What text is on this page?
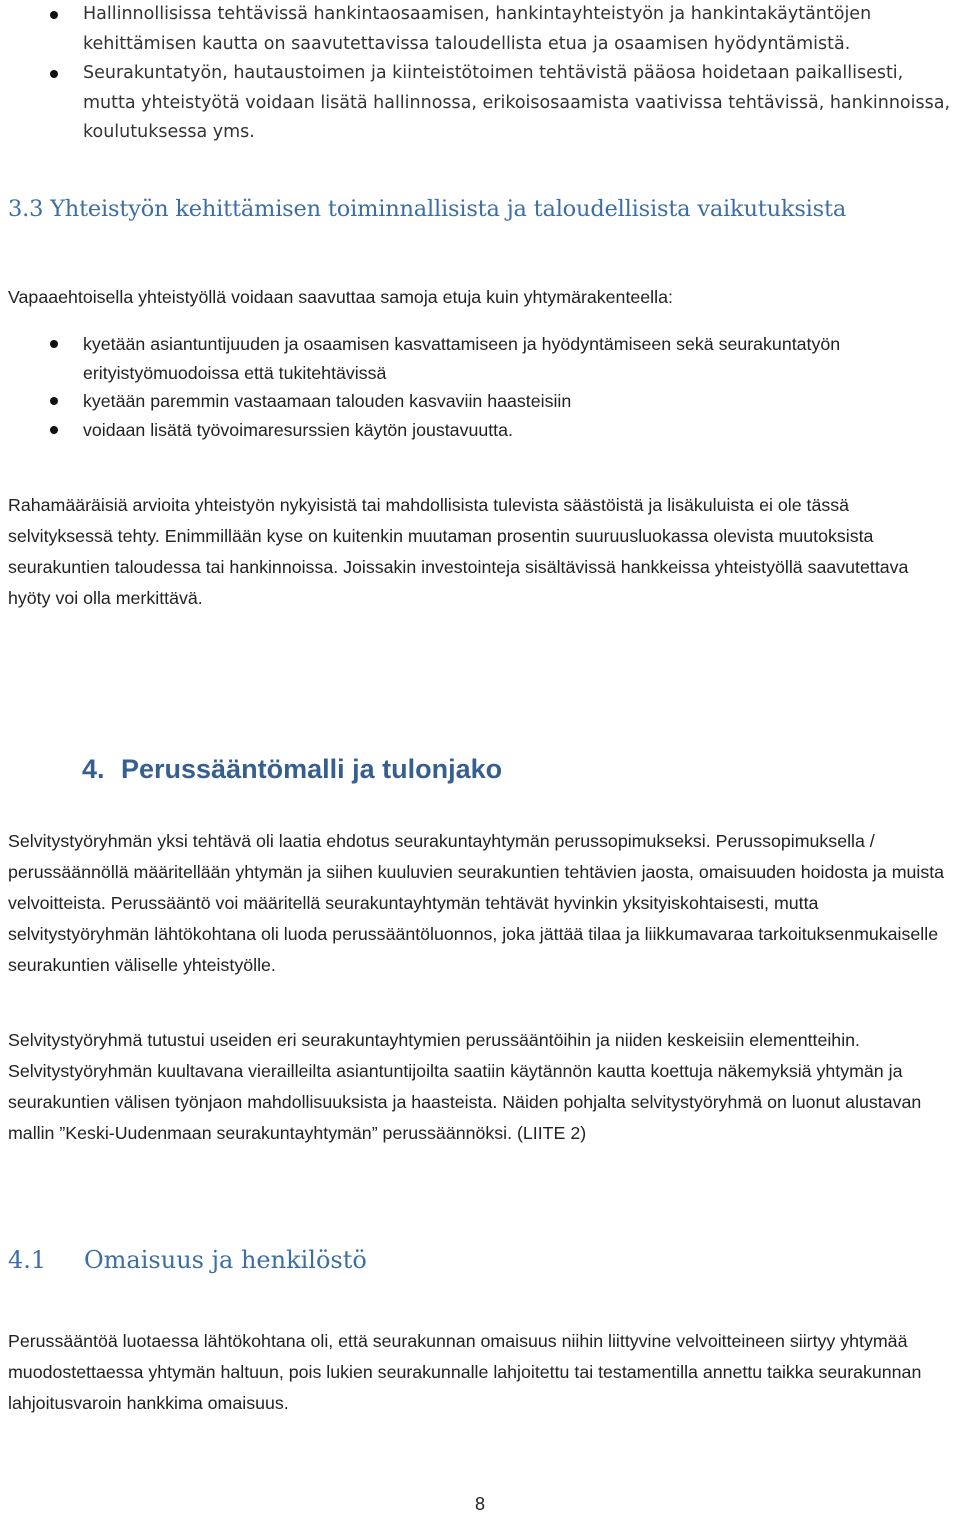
Hallinnollisissa tehtävissä hankintaosaamisen, hankintayhteistyön ja hankintakäytäntöjen kehittämisen kautta on saavutettavissa taloudellista etua ja osaamisen hyödyntämistä.
Seurakuntatyön, hautaustoimen ja kiinteistötoimen tehtävistä pääosa hoidetaan paikallisesti, mutta yhteistyötä voidaan lisätä hallinnossa, erikoisosaamista vaativissa tehtävissä, hankinnoissa, koulutuksessa yms.
3.3 Yhteistyön kehittämisen toiminnallisista ja taloudellisista vaikutuksista

Vapaaehtoisella yhteistyöllä voidaan saavuttaa samoja etuja kuin yhtymärakenteella:

kyetään asiantuntijuuden ja osaamisen kasvattamiseen ja hyödyntämiseen sekä seurakuntatyön erityistyömuodoissa että tukitehtävissä
kyetään paremmin vastaamaan talouden kasvaviin haasteisiin
voidaan lisätä työvoimaresurssien käytön joustavuutta.

Rahamääräisiä arvioita yhteistyön nykyisistä tai mahdollisista tulevista säästöistä ja lisäkuluista ei ole tässä selvityksessä tehty. Enimmillään kyse on kuitenkin muutaman prosentin suuruusluokassa olevista muutoksista seurakuntien taloudessa tai hankinnoissa. Joissakin investointeja sisältävissä hankkeissa yhteistyöllä saavutettava hyöty voi olla merkittävä.

4. Perussääntömalli ja tulonjako

Selvitystyöryhmän yksi tehtävä oli laatia ehdotus seurakuntayhtymän perussopimukseksi. Perussopimuksella / perussäännöllä määritellään yhtymän ja siihen kuuluvien seurakuntien tehtävien jaosta, omaisuuden hoidosta ja muista velvoitteista. Perussääntö voi määritellä seurakuntayhtymän tehtävät hyvinkin yksityiskohtaisesti, mutta selvitystyöryhmän lähtökohtana oli luoda perussääntöluonnos, joka jättää tilaa ja liikkumavaraa tarkoituksenmukaiselle seurakuntien väliselle yhteistyölle.

Selvitystyöryhmä tutustui useiden eri seurakuntayhtymien perussääntöihin ja niiden keskeisiin elementteihin. Selvitystyöryhmän kuultavana vierailleilta asiantuntijoilta saatiin käytännön kautta koettuja näkemyksiä yhtymän ja seurakuntien välisen työnjaon mahdollisuuksista ja haasteista. Näiden pohjalta selvitystyöryhmä on luonut alustavan mallin ”Keski-Uudenmaan seurakuntayhtymän” perussäännöksi. (LIITE 2)

4.1 Omaisuus ja henkilöstö

Perussääntöä luotaessa lähtökohtana oli, että seurakunnan omaisuus niihin liittyvine velvoitteineen siirtyy yhtymää muodostettaessa yhtymän haltuun, pois lukien seurakunnalle lahjoitettu tai testamentilla annettu taikka seurakunnan lahjoitusvaroin hankkima omaisuus.

8
